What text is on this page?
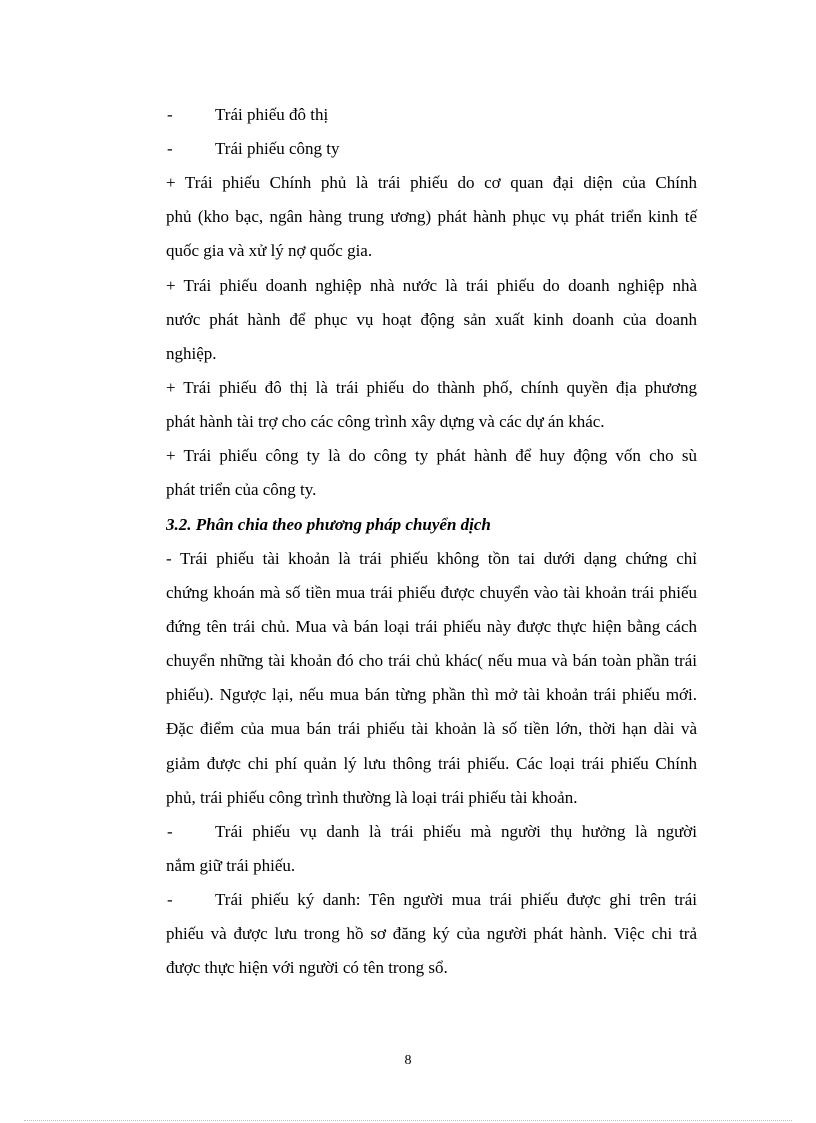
- Trái phiếu đô thị
- Trái phiếu công ty
+ Trái phiếu Chính phủ là trái phiếu do cơ quan đại diện của Chính
phủ (kho bạc, ngân hàng trung ương) phát hành phục vụ phát triển kinh tế
quốc gia và xử lý nợ quốc gia.
+ Trái phiếu doanh nghiệp nhà nước là trái phiếu do doanh nghiệp nhà
nước phát hành để phục vụ hoạt động sản xuất kinh doanh của doanh
nghiệp.
+ Trái phiếu đô thị là trái phiếu do thành phố, chính quyền địa phương
phát hành tài trợ cho các công trình xây dựng và các dự án khác.
+ Trái phiếu công ty là do công ty phát hành để huy động vốn cho sù
phát triển của công ty.
3.2. Phân chia theo phương pháp chuyển dịch
- Trái phiếu tài khoản là trái phiếu không tồn tai dưới dạng chứng chỉ
chứng khoán mà số tiền mua trái phiếu được chuyển vào tài khoản trái phiếu
đứng tên trái chủ. Mua và bán loại trái phiếu này được thực hiện bằng cách
chuyển những tài khoản đó cho trái chủ khác( nếu mua và bán toàn phần trái
phiếu). Ngược lại, nếu mua bán từng phần thì mở tài khoản trái phiếu mới.
Đặc điểm của mua bán trái phiếu tài khoản là số tiền lớn, thời hạn dài và
giảm được chi phí quản lý lưu thông trái phiếu. Các loại trái phiếu Chính
phủ, trái phiếu công trình thường là loại trái phiếu tài khoản.
- Trái phiếu vụ danh là trái phiếu mà người thụ hưởng là người
nắm giữ trái phiếu.
- Trái phiếu ký danh: Tên người mua trái phiếu được ghi trên trái
phiếu và được lưu trong hồ sơ đăng ký của người phát hành. Việc chi trả
được thực hiện với người có tên trong sổ.
8
